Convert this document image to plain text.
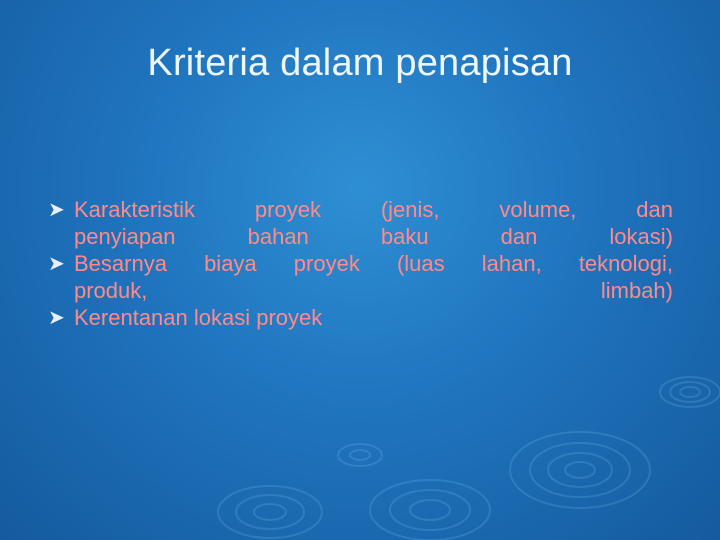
Kriteria dalam penapisan
➤ Karakteristik proyek (jenis, volume, dan
penyiapan bahan baku dan lokasi)
➤ Besarnya biaya proyek (luas lahan, teknologi,
produk, limbah)
➤ Kerentanan lokasi proyek
